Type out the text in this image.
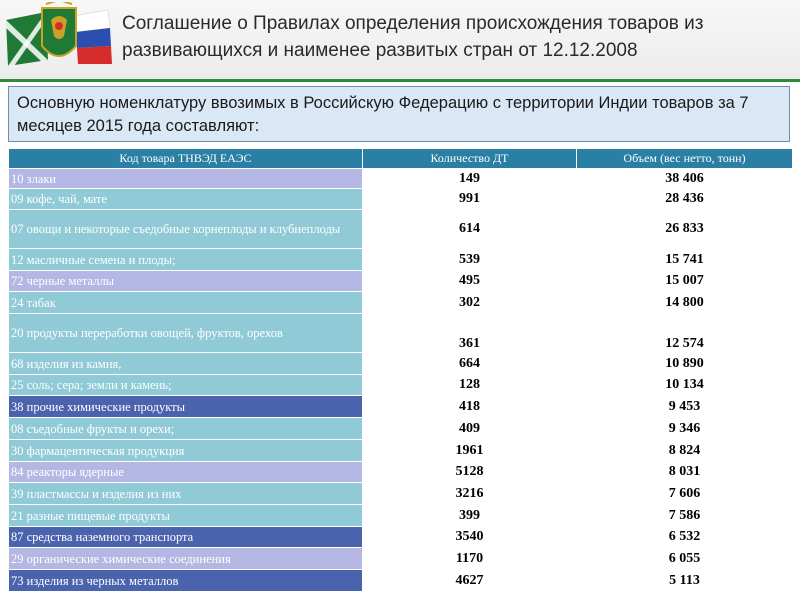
Соглашение о Правилах определения происхождения товаров из развивающихся и наименее развитых стран от 12.12.2008
Основную номенклатуру ввозимых в Российскую Федерацию с территории Индии товаров за 7 месяцев 2015 года составляют:
Код товара ТНВЭД ЕАЭС	Количество ДТ	Объем (вес нетто, тонн)
10 злаки	149	38 406
09 кофе, чай, мате	991	28 436
07 овощи и некоторые съедобные корнеплоды и клубнеплоды	614	26 833
12 масличные семена и плоды;	539	15 741
72 черные металлы	495	15 007
24 табак	302	14 800
20 продукты переработки овощей, фруктов, орехов	361	12 574
68 изделия из камня,	664	10 890
25 соль; сера; земли и камень;	128	10 134
38 прочие химические продукты	418	9 453
08 съедобные фрукты и орехи;	409	9 346
30 фармацевтическая продукция	1961	8 824
84 реакторы ядерные	5128	8 031
39 пластмассы и изделия из них	3216	7 606
21 разные пищевые продукты	399	7 586
87 средства наземного транспорта	3540	6 532
29 органические химические соединения	1170	6 055
73 изделия из черных металлов	4627	5 113
